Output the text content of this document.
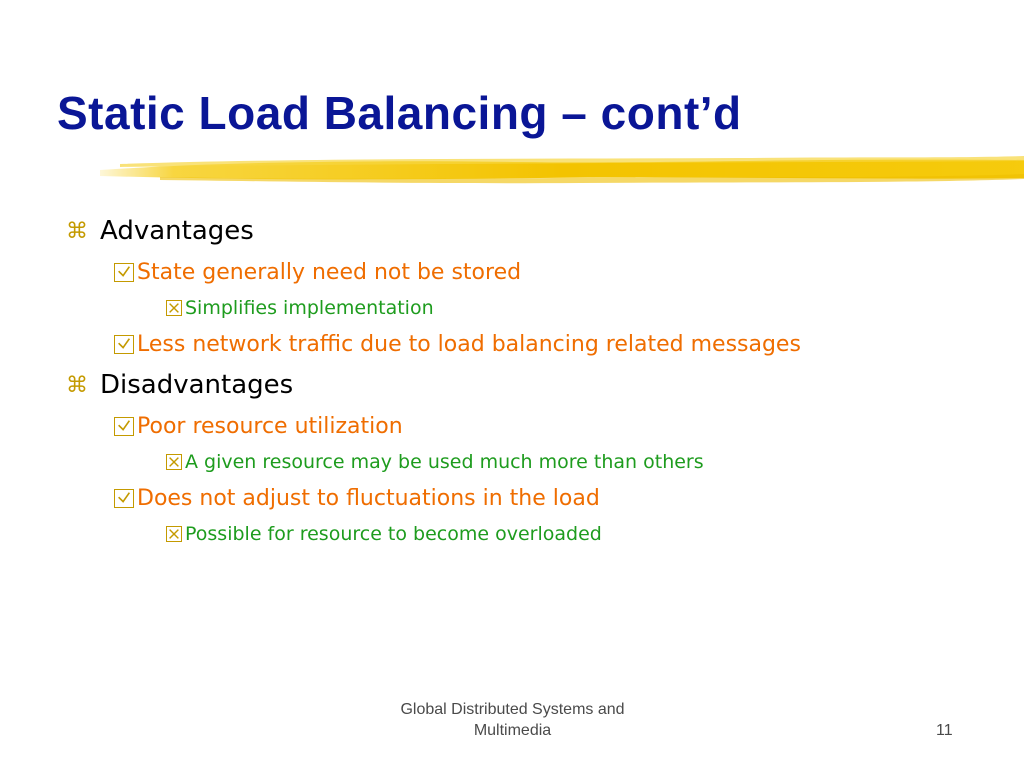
Static Load Balancing – cont’d
⌘ Advantages
State generally need not be stored
Simplifies implementation
Less network traffic due to load balancing related messages
⌘ Disadvantages
Poor resource utilization
A given resource may be used much more than others
Does not adjust to fluctuations in the load
Possible for resource to become overloaded
Global Distributed Systems and
Multimedia	11
